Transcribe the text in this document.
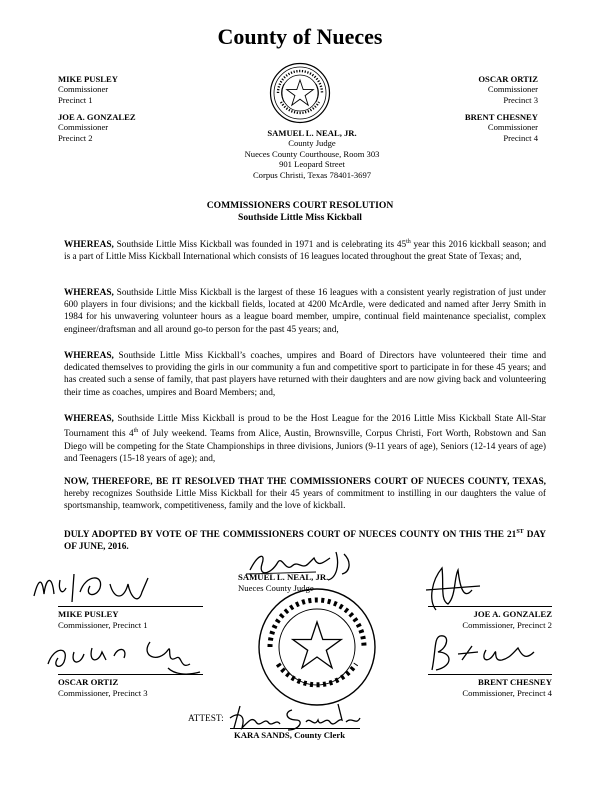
County of Nueces
MIKE PUSLEY
Commissioner
Precinct 1
JOE A. GONZALEZ
Commissioner
Precinct 2
OSCAR ORTIZ
Commissioner
Precinct 3
BRENT CHESNEY
Commissioner
Precinct 4
SAMUEL L. NEAL, JR.
County Judge
Nueces County Courthouse, Room 303
901 Leopard Street
Corpus Christi, Texas 78401-3697
COMMISSIONERS COURT RESOLUTION
Southside Little Miss Kickball
WHEREAS, Southside Little Miss Kickball was founded in 1971 and is celebrating its 45th year this 2016 kickball season; and is a part of Little Miss Kickball International which consists of 16 leagues located throughout the great State of Texas; and,
WHEREAS, Southside Little Miss Kickball is the largest of these 16 leagues with a consistent yearly registration of just under 600 players in four divisions; and the kickball fields, located at 4200 McArdle, were dedicated and named after Jerry Smith in 1984 for his unwavering volunteer hours as a league board member, umpire, continual field maintenance specialist, complex engineer/draftsman and all around go-to person for the past 45 years; and,
WHEREAS, Southside Little Miss Kickball’s coaches, umpires and Board of Directors have volunteered their time and dedicated themselves to providing the girls in our community a fun and competitive sport to participate in for these 45 years; and has created such a sense of family, that past players have returned with their daughters and are now giving back and volunteering their time as coaches, umpires and Board Members; and,
WHEREAS, Southside Little Miss Kickball is proud to be the Host League for the 2016 Little Miss Kickball State All-Star Tournament this 4th of July weekend. Teams from Alice, Austin, Brownsville, Corpus Christi, Fort Worth, Robstown and San Diego will be competing for the State Championships in three divisions, Juniors (9-11 years of age), Seniors (12-14 years of age) and Teenagers (15-18 years of age); and,
NOW, THEREFORE, BE IT RESOLVED THAT THE COMMISSIONERS COURT OF NUECES COUNTY, TEXAS, hereby recognizes Southside Little Miss Kickball for their 45 years of commitment to instilling in our daughters the value of sportsmanship, teamwork, competitiveness, family and the love of kickball.
DULY ADOPTED BY VOTE OF THE COMMISSIONERS COURT OF NUECES COUNTY ON THIS THE 21ST DAY OF JUNE, 2016.
SAMUEL L. NEAL, JR.
Nueces County Judge
MIKE PUSLEY
Commissioner, Precinct 1
JOE A. GONZALEZ
Commissioner, Precinct 2
OSCAR ORTIZ
Commissioner, Precinct 3
BRENT CHESNEY
Commissioner, Precinct 4
ATTEST:
KARA SANDS, County Clerk
